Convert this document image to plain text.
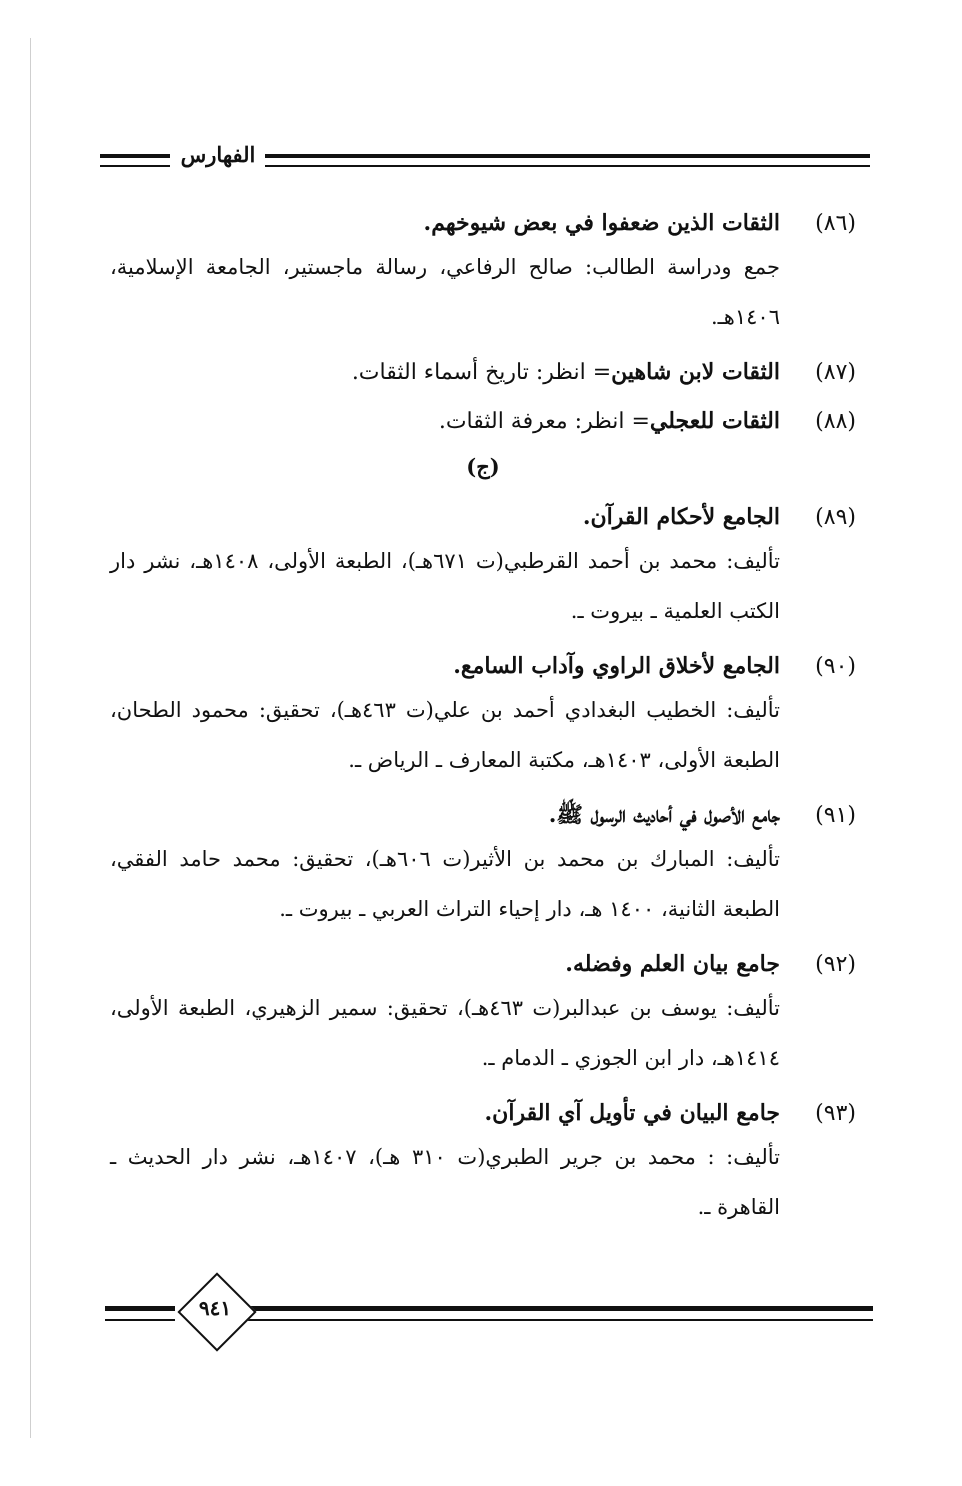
الفهارس
(٨٦)
الثقات الذين ضعفوا في بعض شيوخهم.
جمع ودراسة الطالب: صالح الرفاعي، رسالة ماجستير، الجامعة الإسلامية، ١٤٠٦هـ.
(٨٧)
الثقات لابن شاهين= انظر: تاريخ أسماء الثقات.
(٨٨)
الثقات للعجلي= انظر: معرفة الثقات.
(ج)
(٨٩)
الجامع لأحكام القرآن.
تأليف: محمد بن أحمد القرطبي(ت ٦٧١هـ)، الطبعة الأولى، ١٤٠٨هـ، نشر دار الكتب العلمية ـ بيروت ـ.
(٩٠)
الجامع لأخلاق الراوي وآداب السامع.
تأليف: الخطيب البغدادي أحمد بن علي(ت ٤٦٣هـ)، تحقيق: محمود الطحان، الطبعة الأولى، ١٤٠٣هـ، مكتبة المعارف ـ الرياض ـ.
(٩١)
جامع الأصول في أحاديث الرسول ﷺ.
تأليف: المبارك بن محمد بن الأثير(ت ٦٠٦هـ)، تحقيق: محمد حامد الفقي، الطبعة الثانية، ١٤٠٠ هـ، دار إحياء التراث العربي ـ بيروت ـ.
(٩٢)
جامع بيان العلم وفضله.
تأليف: يوسف بن عبدالبر(ت ٤٦٣هـ)، تحقيق: سمير الزهيري، الطبعة الأولى، ١٤١٤هـ، دار ابن الجوزي ـ الدمام ـ.
(٩٣)
جامع البيان في تأويل آي القرآن.
تأليف: : محمد بن جرير الطبري(ت ٣١٠ هـ)، ١٤٠٧هـ، نشر دار الحديث ـ القاهرة ـ.
٩٤١
